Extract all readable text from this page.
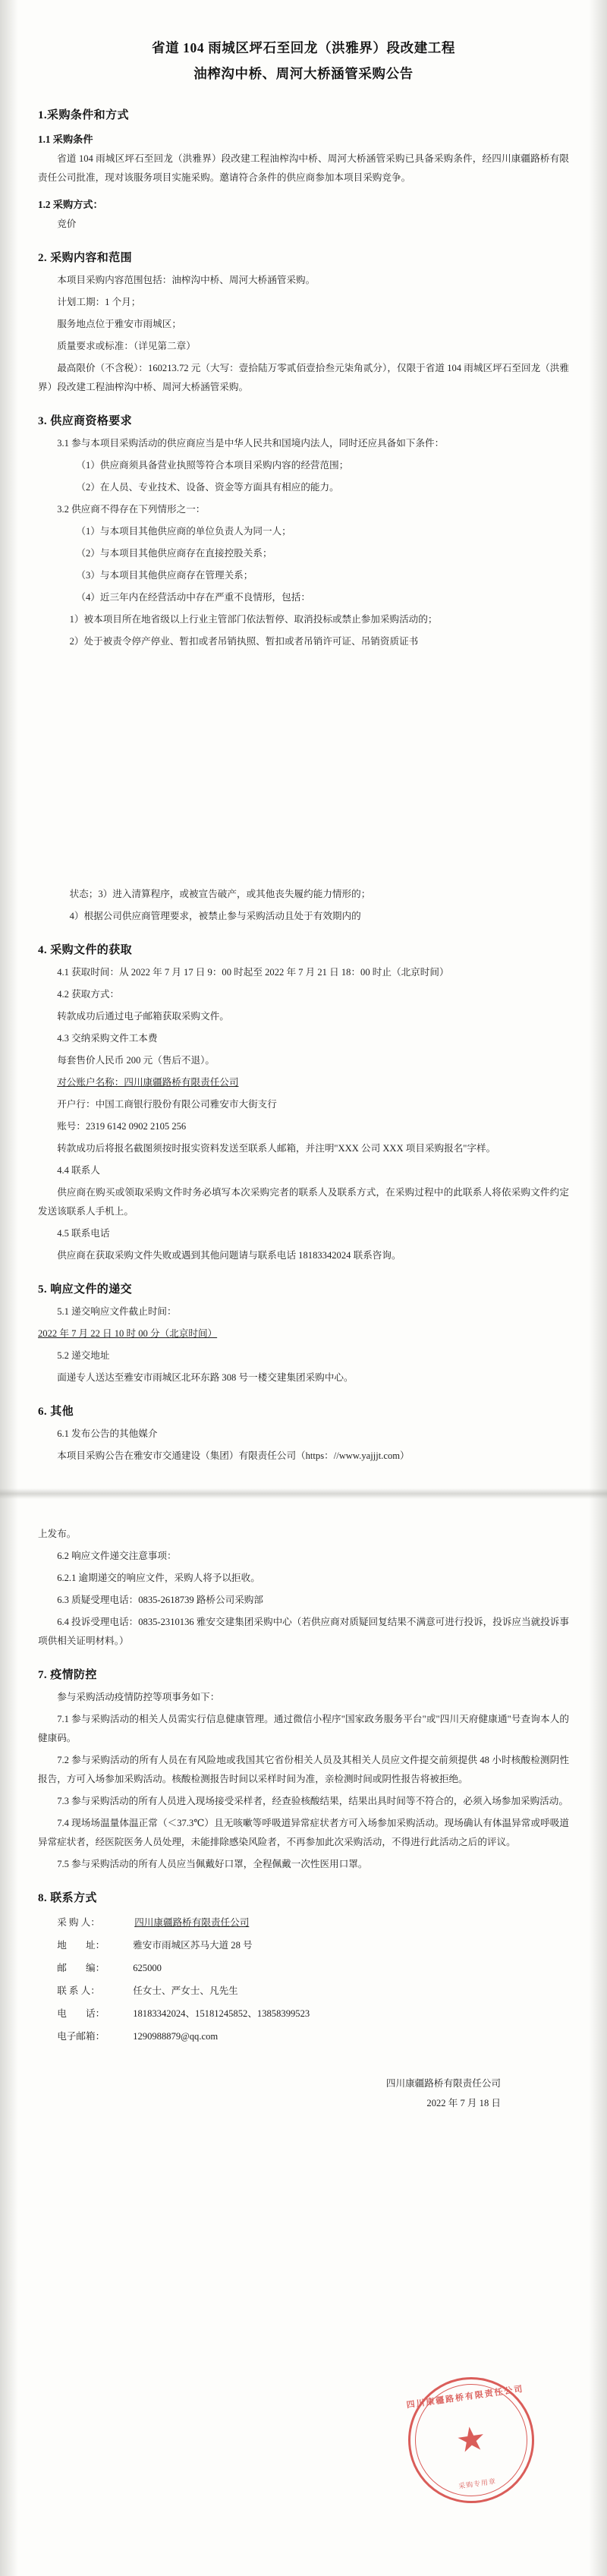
省道 104 雨城区坪石至回龙（洪雅界）段改建工程
油榨沟中桥、周河大桥涵管采购公告
1.采购条件和方式
1.1 采购条件

省道 104 雨城区坪石至回龙（洪雅界）段改建工程油榨沟中桥、周河大桥涵管采购已具备采购条件，经四川康疆路桥有限责任公司批准，现对该服务项目实施采购。邀请符合条件的供应商参加本项目采购竞争。

1.2 采购方式：

竞价

2. 采购内容和范围

本项目采购内容范围包括：油榨沟中桥、周河大桥涵管采购。

计划工期：1 个月；

服务地点位于雅安市雨城区；

质量要求或标准：（详见第二章）

最高限价（不含税）：160213.72 元（大写：壹拾陆万零贰佰壹拾叁元柒角贰分），仅限于省道 104 雨城区坪石至回龙（洪雅界）段改建工程油榨沟中桥、周河大桥涵管采购。

3. 供应商资格要求

3.1 参与本项目采购活动的供应商应当是中华人民共和国境内法人，同时还应具备如下条件：

（1）供应商须具备营业执照等符合本项目采购内容的经营范围；

（2）在人员、专业技术、设备、资金等方面具有相应的能力。

3.2 供应商不得存在下列情形之一：

（1）与本项目其他供应商的单位负责人为同一人；

（2）与本项目其他供应商存在直接控股关系；

（3）与本项目其他供应商存在管理关系；

（4）近三年内在经营活动中存在严重不良情形，包括：

1）被本项目所在地省级以上行业主管部门依法暂停、取消投标或禁止参加采购活动的；

2）处于被责令停产停业、暂扣或者吊销执照、暂扣或者吊销许可证、吊销资质证书

状态；3）进入清算程序，或被宣告破产，或其他丧失履约能力情形的；

4）根据公司供应商管理要求，被禁止参与采购活动且处于有效期内的

4. 采购文件的获取

4.1 获取时间：从 2022 年 7 月 17 日 9：00 时起至 2022 年 7 月 21 日 18：00 时止（北京时间）

4.2 获取方式：

转款成功后通过电子邮箱获取采购文件。

4.3 交纳采购文件工本费

每套售价人民币 200 元（售后不退）。

对公账户名称：四川康疆路桥有限责任公司

开户行：中国工商银行股份有限公司雅安市大街支行

账号：2319 6142 0902 2105 256

转款成功后将报名截图须按时报实资料发送至联系人邮箱，并注明"XXX 公司 XXX 项目采购报名"字样。

4.4 联系人

供应商在购买或领取采购文件时务必填写本次采购完者的联系人及联系方式，在采购过程中的此联系人将依采购文件约定发送该联系人手机上。

4.5 联系电话

供应商在获取采购文件失败或遇到其他问题请与联系电话 18183342024 联系咨询。

5. 响应文件的递交

5.1 递交响应文件截止时间：

2022 年 7 月 22 日 10 时 00 分（北京时间）

5.2 递交地址

面递专人送达至雅安市雨城区北环东路 308 号一楼交建集团采购中心。

6. 其他

6.1 发布公告的其他媒介

本项目采购公告在雅安市交通建设（集团）有限责任公司（https：//www.yajjjt.com）

上发布。

6.2 响应文件递交注意事项：

6.2.1 逾期递交的响应文件，采购人将予以拒收。

6.3 质疑受理电话：0835-2618739 路桥公司采购部

6.4 投诉受理电话：0835-2310136 雅安交建集团采购中心（若供应商对质疑回复结果不满意可进行投诉，投诉应当就投诉事项供相关证明材料。）

7. 疫情防控

参与采购活动疫情防控等项事务如下：

7.1 参与采购活动的相关人员需实行信息健康管理。通过微信小程序"国家政务服务平台"或"四川天府健康通"号查询本人的健康码。

7.2 参与采购活动的所有人员在有风险地或我国其它省份相关人员及其相关人员应文件提交前须提供 48 小时核酸检测阴性报告，方可入场参加采购活动。核酸检测报告时间以采样时间为准，亲检测时间或阴性报告将被拒绝。

7.3 参与采购活动的所有人员进入现场接受采样者，经查验核酸结果，结果出具时间等不符合的，必须入场参加采购活动。

7.4 现场场温量体温正常（＜37.3℃）且无咳嗽等呼吸道异常症状者方可入场参加采购活动。现场确认有体温异常或呼吸道异常症状者，经医院医务人员处理，未能排除感染风险者，不再参加此次采购活动，不得进行此活动之后的评议。

7.5 参与采购活动的所有人员应当佩戴好口罩，全程佩戴一次性医用口罩。

8. 联系方式
采 购 人：	四川康疆路桥有限责任公司
地　　址：	雅安市雨城区苏马大道 28 号
邮　　编：	625000
联 系 人：	任女士、严女士、凡先生
电　　话：	18183342024、15181245852、13858399523
电子邮箱：	1290988879@qq.com
四川康疆路桥有限责任公司
2022 年 7 月 18 日
四川康疆路桥有限责任公司
★
采购专用章
